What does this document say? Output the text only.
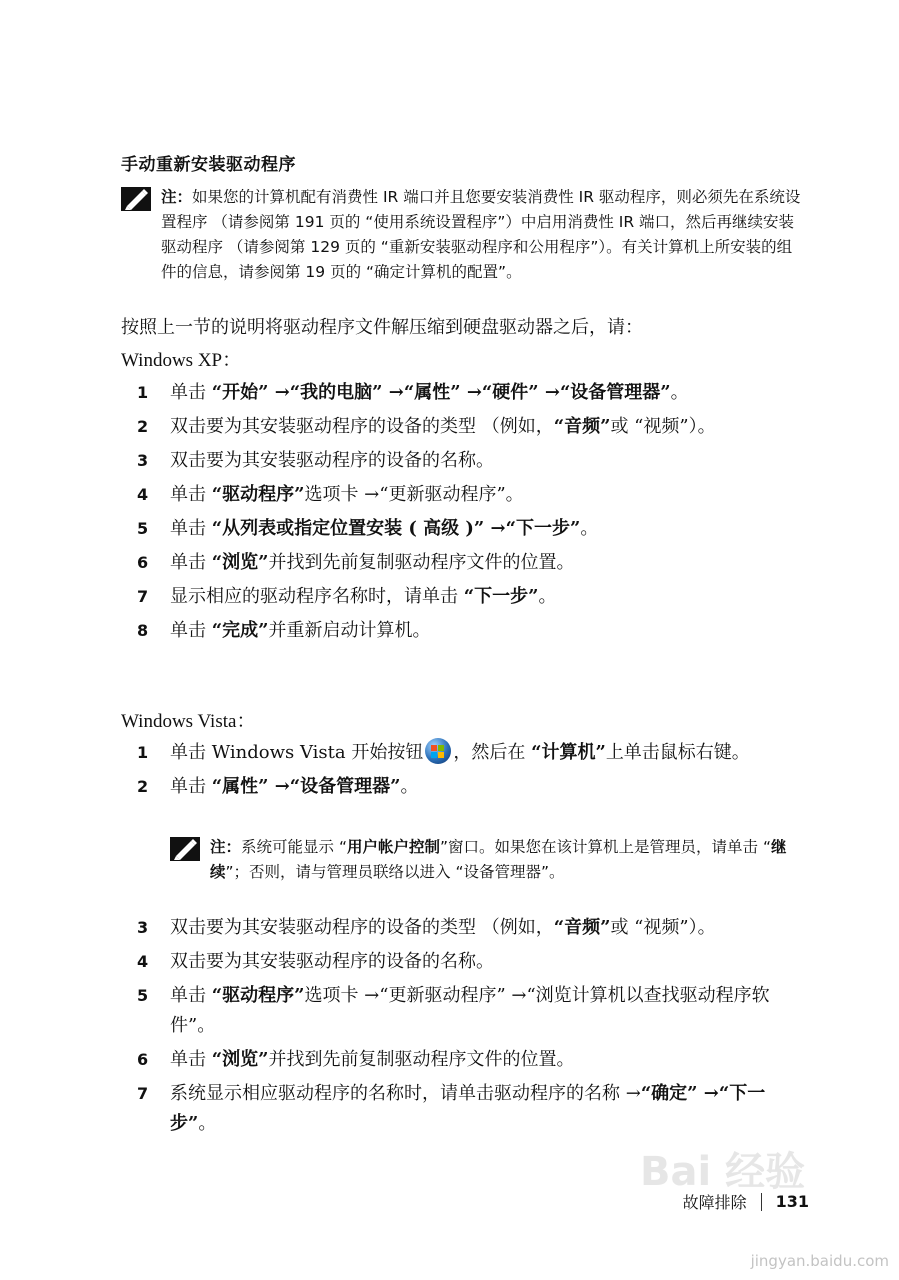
手动重新安装驱动程序
注：如果您的计算机配有消费性 IR 端口并且您要安装消费性 IR 驱动程序，则必须先在系统设置程序 （请参阅第 191 页的 “使用系统设置程序”）中启用消费性 IR 端口，然后再继续安装驱动程序 （请参阅第 129 页的 “重新安装驱动程序和公用程序”）。有关计算机上所安装的组件的信息，请参阅第 19 页的 “确定计算机的配置”。
按照上一节的说明将驱动程序文件解压缩到硬盘驱动器之后，请：
Windows XP：
1	单击 “开始” →“我的电脑” →“属性” →“硬件” →“设备管理器”。
2	双击要为其安装驱动程序的设备的类型 （例如，“音频”或 “视频”）。
3	双击要为其安装驱动程序的设备的名称。
4	单击 “驱动程序”选项卡 →“更新驱动程序”。
5	单击 “从列表或指定位置安装 ( 高级 )” →“下一步”。
6	单击 “浏览”并找到先前复制驱动程序文件的位置。
7	显示相应的驱动程序名称时，请单击 “下一步”。
8	单击 “完成”并重新启动计算机。
Windows Vista：
1	单击 Windows Vista 开始按钮 ，然后在 “计算机”上单击鼠标右键。
2	单击 “属性” →“设备管理器”。
注：系统可能显示 “用户帐户控制”窗口。如果您在该计算机上是管理员，请单击 “继续”；否则，请与管理员联络以进入 “设备管理器”。
3	双击要为其安装驱动程序的设备的类型 （例如，“音频”或 “视频”）。
4	双击要为其安装驱动程序的设备的名称。
5	单击 “驱动程序”选项卡 →“更新驱动程序” →“浏览计算机以查找驱动程序软件”。
6	单击 “浏览”并找到先前复制驱动程序文件的位置。
7	系统显示相应驱动程序的名称时，请单击驱动程序的名称 →“确定” →“下一步”。
故障排除 131
Bai 经验
jingyan.baidu.com
